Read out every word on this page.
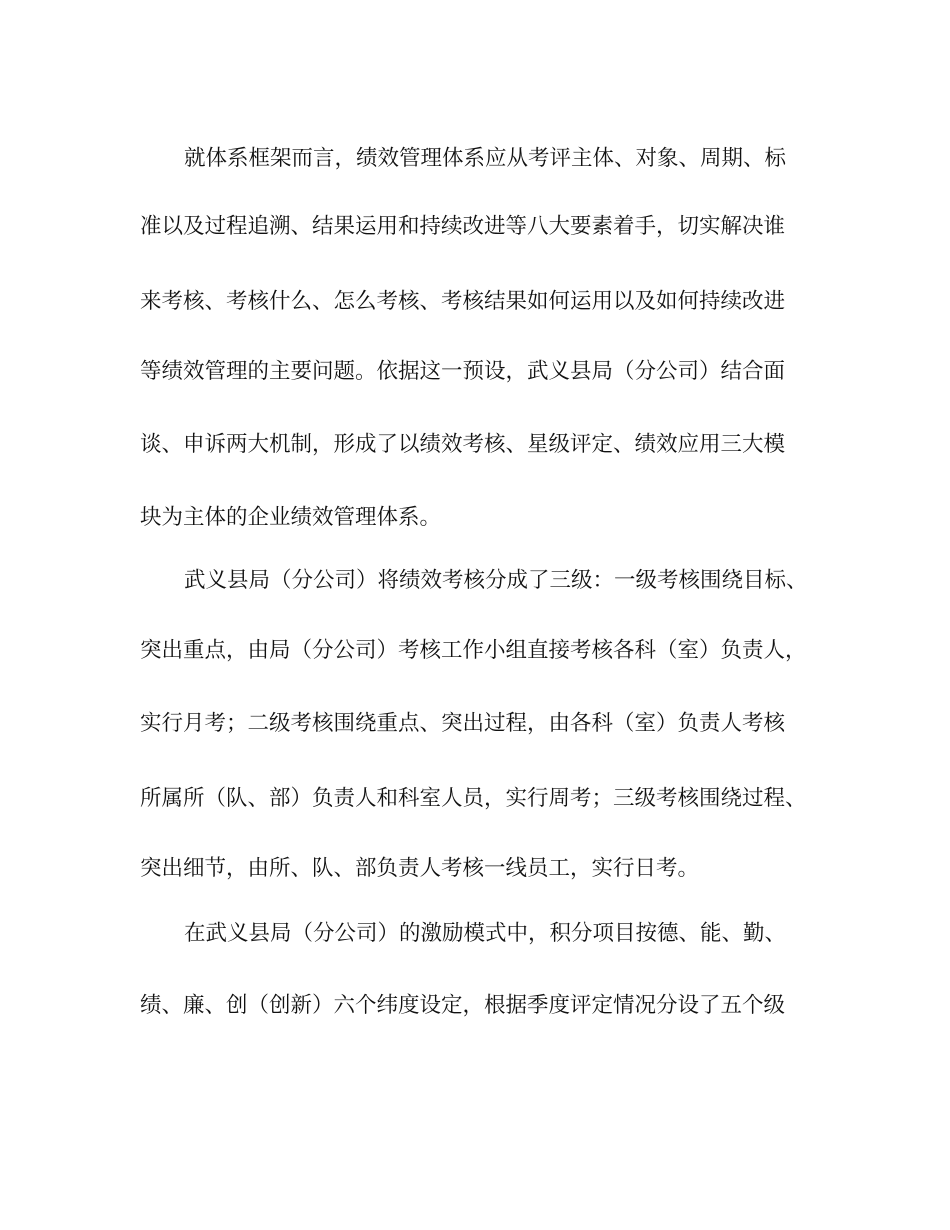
就体系框架而言，绩效管理体系应从考评主体、对象、周期、标
准以及过程追溯、结果运用和持续改进等八大要素着手，切实解决谁
来考核、考核什么、怎么考核、考核结果如何运用以及如何持续改进
等绩效管理的主要问题。依据这一预设，武义县局（分公司）结合面
谈、申诉两大机制，形成了以绩效考核、星级评定、绩效应用三大模
块为主体的企业绩效管理体系。
武义县局（分公司）将绩效考核分成了三级：一级考核围绕目标、
突出重点，由局（分公司）考核工作小组直接考核各科（室）负责人，
实行月考；二级考核围绕重点、突出过程，由各科（室）负责人考核
所属所（队、部）负责人和科室人员，实行周考；三级考核围绕过程、
突出细节，由所、队、部负责人考核一线员工，实行日考。
在武义县局（分公司）的激励模式中，积分项目按德、能、勤、
绩、廉、创（创新）六个纬度设定，根据季度评定情况分设了五个级
